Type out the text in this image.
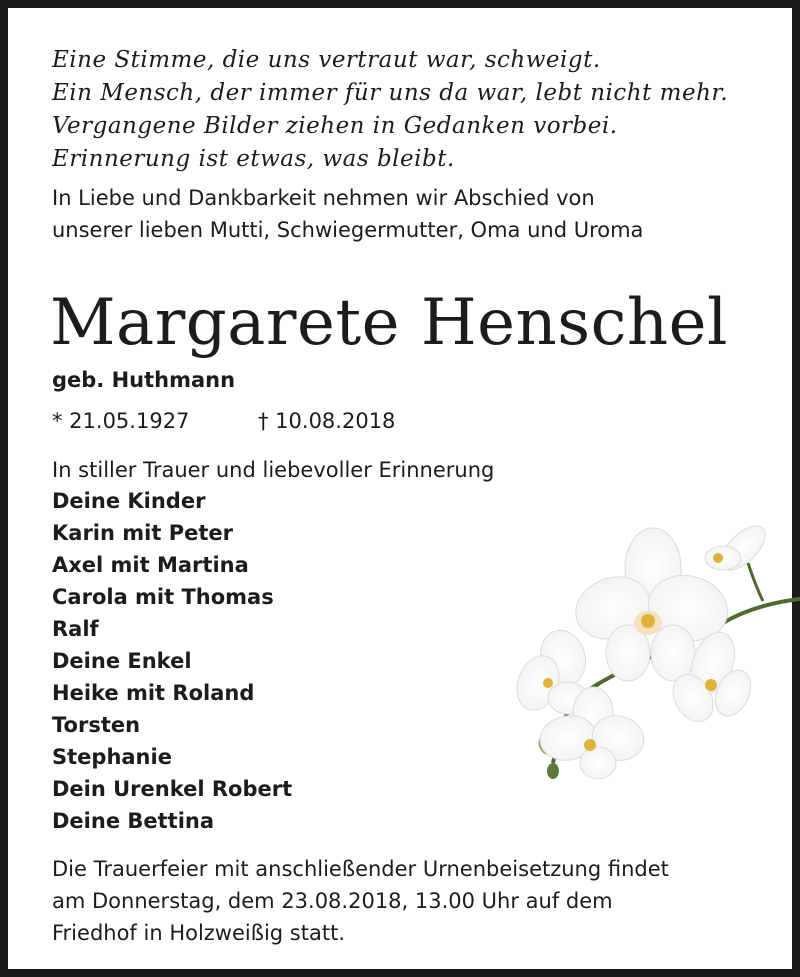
Eine Stimme, die uns vertraut war, schweigt.
Ein Mensch, der immer für uns da war, lebt nicht mehr.
Vergangene Bilder ziehen in Gedanken vorbei.
Erinnerung ist etwas, was bleibt.
In Liebe und Dankbarkeit nehmen wir Abschied von
unserer lieben Mutti, Schwiegermutter, Oma und Uroma
Margarete Henschel
geb. Huthmann
* 21.05.1927	† 10.08.2018
In stiller Trauer und liebevoller Erinnerung
Deine Kinder
Karin mit Peter
Axel mit Martina
Carola mit Thomas
Ralf
Deine Enkel
Heike mit Roland
Torsten
Stephanie
Dein Urenkel Robert
Deine Bettina
Die Trauerfeier mit anschließender Urnenbeisetzung findet
am Donnerstag, dem 23.08.2018, 13.00 Uhr auf dem
Friedhof in Holzweißig statt.
